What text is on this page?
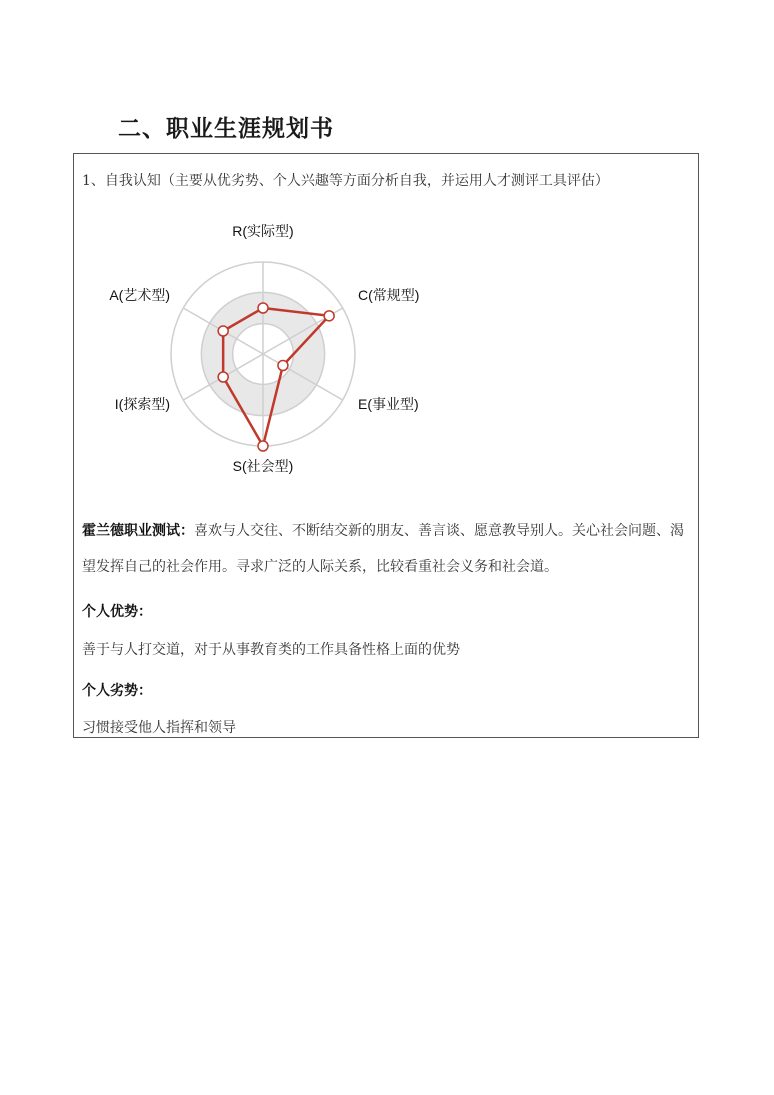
二、职业生涯规划书
1、自我认知（主要从优劣势、个人兴趣等方面分析自我，并运用人才测评工具评估）
R(实际型)
C(常规型)
E(事业型)
S(社会型)
I(探索型)
A(艺术型)
霍兰德职业测试：喜欢与人交往、不断结交新的朋友、善言谈、愿意教导别人。关心社会问题、渴望发挥自己的社会作用。寻求广泛的人际关系，比较看重社会义务和社会道。
个人优势：
善于与人打交道，对于从事教育类的工作具备性格上面的优势
个人劣势：
习惯接受他人指挥和领导
